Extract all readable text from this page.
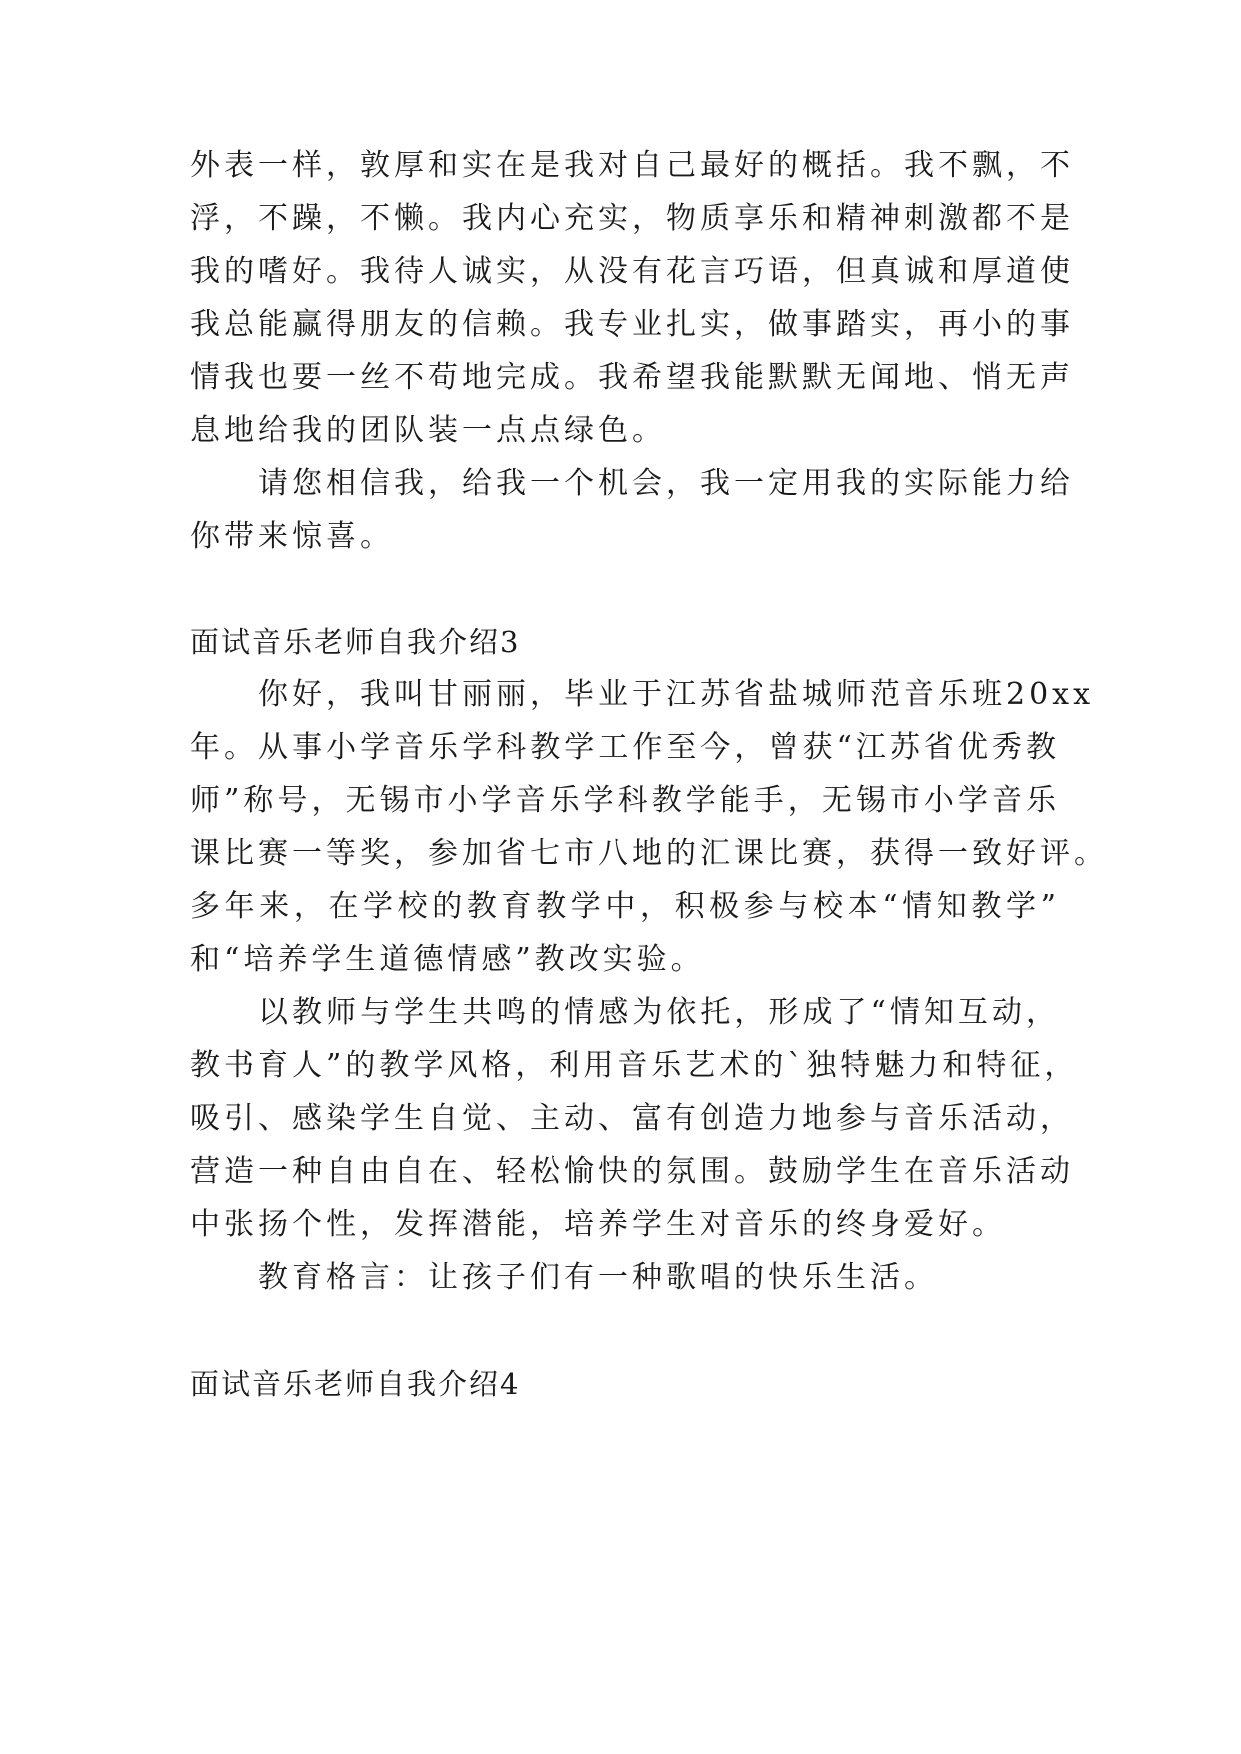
外表一样，敦厚和实在是我对自己最好的概括。我不飘，不
浮，不躁，不懒。我内心充实，物质享乐和精神刺激都不是
我的嗜好。我待人诚实，从没有花言巧语，但真诚和厚道使
我总能赢得朋友的信赖。我专业扎实，做事踏实，再小的事
情我也要一丝不苟地完成。我希望我能默默无闻地、悄无声
息地给我的团队装一点点绿色。
请您相信我，给我一个机会，我一定用我的实际能力给
你带来惊喜。
面试音乐老师自我介绍3
你好，我叫甘丽丽，毕业于江苏省盐城师范音乐班20xx
年。从事小学音乐学科教学工作至今，曾获“江苏省优秀教
师”称号，无锡市小学音乐学科教学能手，无锡市小学音乐
课比赛一等奖，参加省七市八地的汇课比赛，获得一致好评。
多年来，在学校的教育教学中，积极参与校本“情知教学”
和“培养学生道德情感”教改实验。
以教师与学生共鸣的情感为依托，形成了“情知互动，
教书育人”的教学风格，利用音乐艺术的`独特魅力和特征，
吸引、感染学生自觉、主动、富有创造力地参与音乐活动，
营造一种自由自在、轻松愉快的氛围。鼓励学生在音乐活动
中张扬个性，发挥潜能，培养学生对音乐的终身爱好。
教育格言：让孩子们有一种歌唱的快乐生活。
面试音乐老师自我介绍4
